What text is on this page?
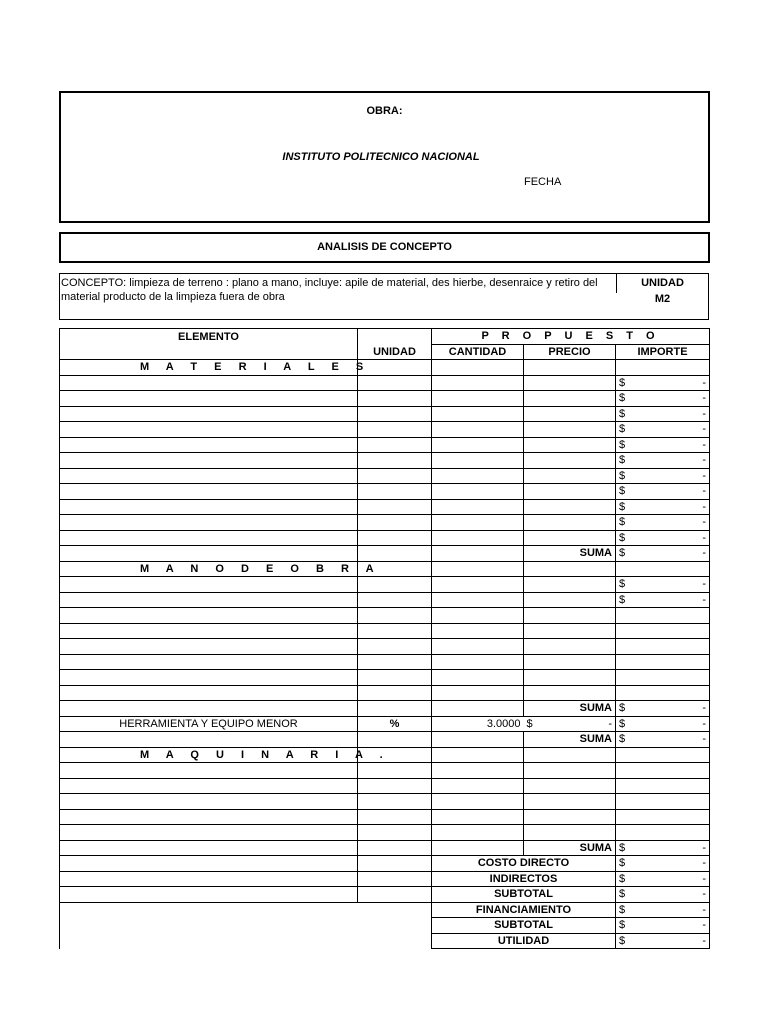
OBRA:
INSTITUTO POLITECNICO NACIONAL
FECHA
ANALISIS DE CONCEPTO
CONCEPTO: limpieza de terreno : plano a mano, incluye: apile de material, des hierbe, desenraice y retiro del material producto de la limpieza fuera de obra
UNIDAD
M2
ELEMENTO		P R O P U E S T O		
	UNIDAD	CANTIDAD	PRECIO	IMPORTE
M A T E R I A L E S				

				$ -

				$ -

				$ -

				$ -

				$ -

				$ -

				$ -

				$ -

				$ -

				$ -

				$ -

			SUMA	$ -

M A N O D E O B R A				

				$ -

				$ -

			SUMA	$ -

HERRAMIENTA Y EQUIPO MENOR	%	3.0000	$ -	$ -

			SUMA	$ -

M A Q U I N A R I A .				

			SUMA	$ -

		COSTO DIRECTO		$ -

		INDIRECTOS		$ -

		SUBTOTAL		$ -

		FINANCIAMIENTO		$ -

		SUBTOTAL		$ -

		UTILIDAD		$ -
